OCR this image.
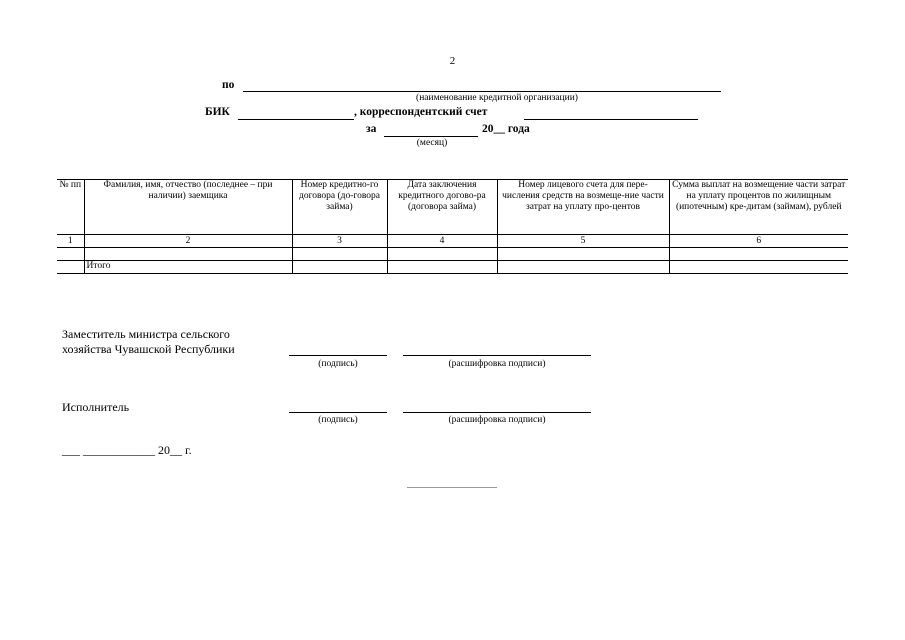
2
по
(наименование кредитной организации)
БИК	, корреспондентский счет
за	20__ года
(месяц)
№ пп	Фамилия, имя, отчество (последнее – при наличии) заемщика	Номер кредитно-го договора (до-говора займа)	Дата заключения кредитного догово-ра (договора займа)	Номер лицевого счета для пере-числения средств на возмеще-ние части затрат на уплату про-центов	Сумма выплат на возмещение части затрат на уплату процентов по жилищным (ипотечным) кре-дитам (займам), рублей
1	2	3	4	5	6

	Итого				
Заместитель министра сельского
хозяйства Чувашской Республики
(подпись)	(расшифровка подписи)
Исполнитель
(подпись)	(расшифровка подписи)
___ ____________ 20__ г.
